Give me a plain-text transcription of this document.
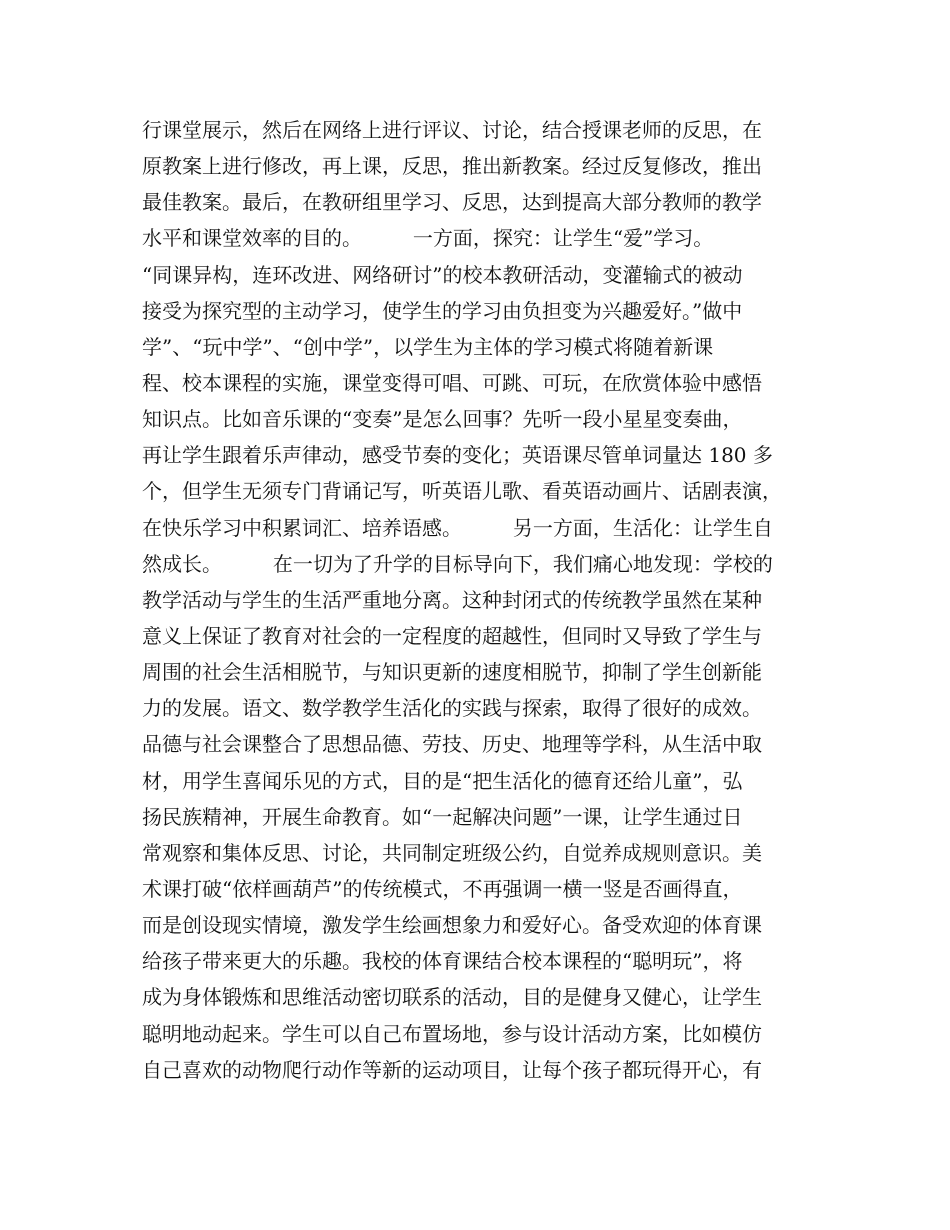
行课堂展示，然后在网络上进行评议、讨论，结合授课老师的反思，在
原教案上进行修改，再上课，反思，推出新教案。经过反复修改，推出
最佳教案。最后，在教研组里学习、反思，达到提高大部分教师的教学
水平和课堂效率的目的。        一方面，探究：让学生“爱”学习。
“同课异构，连环改进、网络研讨”的校本教研活动，变灌输式的被动
接受为探究型的主动学习，使学生的学习由负担变为兴趣爱好。”做中
学”、“玩中学”、“创中学”，以学生为主体的学习模式将随着新课
程、校本课程的实施，课堂变得可唱、可跳、可玩，在欣赏体验中感悟
知识点。比如音乐课的“变奏”是怎么回事？先听一段小星星变奏曲，
再让学生跟着乐声律动，感受节奏的变化；英语课尽管单词量达 180 多
个，但学生无须专门背诵记写，听英语儿歌、看英语动画片、话剧表演，
在快乐学习中积累词汇、培养语感。        另一方面，生活化：让学生自
然成长。        在一切为了升学的目标导向下，我们痛心地发现：学校的
教学活动与学生的生活严重地分离。这种封闭式的传统教学虽然在某种
意义上保证了教育对社会的一定程度的超越性，但同时又导致了学生与
周围的社会生活相脱节，与知识更新的速度相脱节，抑制了学生创新能
力的发展。语文、数学教学生活化的实践与探索，取得了很好的成效。
品德与社会课整合了思想品德、劳技、历史、地理等学科，从生活中取
材，用学生喜闻乐见的方式，目的是“把生活化的德育还给儿童”，弘
扬民族精神，开展生命教育。如“一起解决问题”一课，让学生通过日
常观察和集体反思、讨论，共同制定班级公约，自觉养成规则意识。美
术课打破“依样画葫芦”的传统模式，不再强调一横一竖是否画得直，
而是创设现实情境，激发学生绘画想象力和爱好心。备受欢迎的体育课
给孩子带来更大的乐趣。我校的体育课结合校本课程的“聪明玩”，将
成为身体锻炼和思维活动密切联系的活动，目的是健身又健心，让学生
聪明地动起来。学生可以自己布置场地，参与设计活动方案，比如模仿
自己喜欢的动物爬行动作等新的运动项目，让每个孩子都玩得开心，有
